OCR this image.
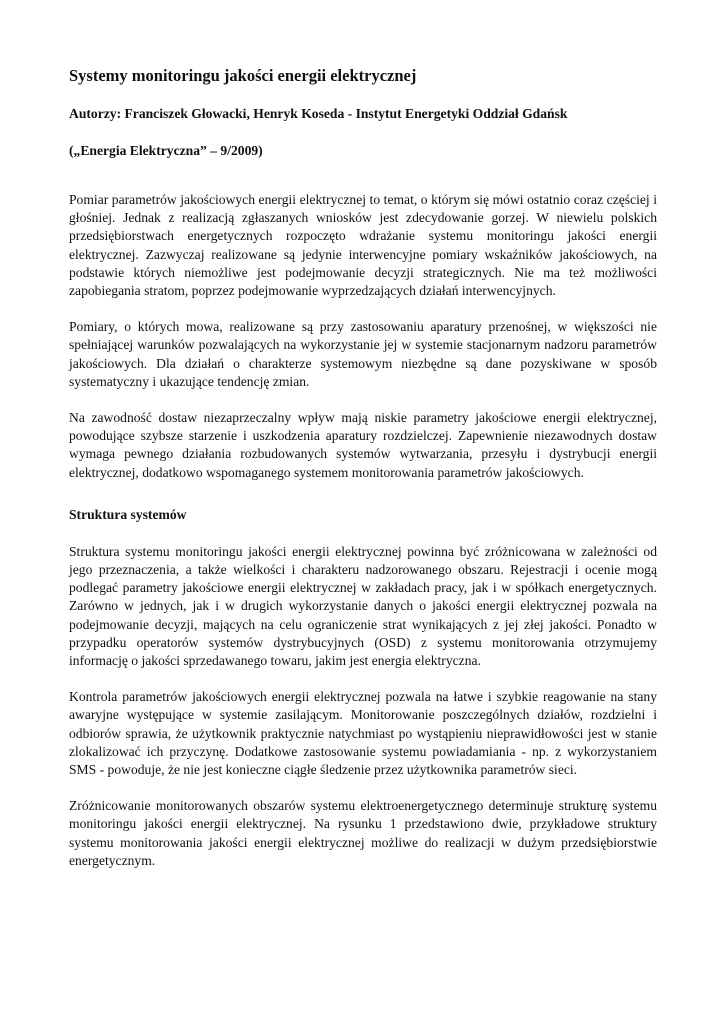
Systemy monitoringu jakości energii elektrycznej
Autorzy: Franciszek Głowacki, Henryk Koseda - Instytut Energetyki Oddział Gdańsk
(„Energia Elektryczna” – 9/2009)

Pomiar parametrów jakościowych energii elektrycznej to temat, o którym się mówi ostatnio coraz częściej i głośniej. Jednak z realizacją zgłaszanych wniosków jest zdecydowanie gorzej. W niewielu polskich przedsiębiorstwach energetycznych rozpoczęto wdrażanie systemu monitoringu jakości energii elektrycznej. Zazwyczaj realizowane są jedynie interwencyjne pomiary wskaźników jakościowych, na podstawie których niemożliwe jest podejmowanie decyzji strategicznych. Nie ma też możliwości zapobiegania stratom, poprzez podejmowanie wyprzedzających działań interwencyjnych.

Pomiary, o których mowa, realizowane są przy zastosowaniu aparatury przenośnej, w większości nie spełniającej warunków pozwalających na wykorzystanie jej w systemie stacjonarnym nadzoru parametrów jakościowych. Dla działań o charakterze systemowym niezbędne są dane pozyskiwane w sposób systematyczny i ukazujące tendencję zmian.

Na zawodność dostaw niezaprzeczalny wpływ mają niskie parametry jakościowe energii elektrycznej, powodujące szybsze starzenie i uszkodzenia aparatury rozdzielczej. Zapewnienie niezawodnych dostaw wymaga pewnego działania rozbudowanych systemów wytwarzania, przesyłu i dystrybucji energii elektrycznej, dodatkowo wspomaganego systemem monitorowania parametrów jakościowych.

Struktura systemów

Struktura systemu monitoringu jakości energii elektrycznej powinna być zróżnicowana w zależności od jego przeznaczenia, a także wielkości i charakteru nadzorowanego obszaru. Rejestracji i ocenie mogą podlegać parametry jakościowe energii elektrycznej w zakładach pracy, jak i w spółkach energetycznych. Zarówno w jednych, jak i w drugich wykorzystanie danych o jakości energii elektrycznej pozwala na podejmowanie decyzji, mających na celu ograniczenie strat wynikających z jej złej jakości. Ponadto w przypadku operatorów systemów dystrybucyjnych (OSD) z systemu monitorowania otrzymujemy informację o jakości sprzedawanego towaru, jakim jest energia elektryczna.

Kontrola parametrów jakościowych energii elektrycznej pozwala na łatwe i szybkie reagowanie na stany awaryjne występujące w systemie zasilającym. Monitorowanie poszczególnych działów, rozdzielni i odbiorów sprawia, że użytkownik praktycznie natychmiast po wystąpieniu nieprawidłowości jest w stanie zlokalizować ich przyczynę. Dodatkowe zastosowanie systemu powiadamiania - np. z wykorzystaniem SMS - powoduje, że nie jest konieczne ciągłe śledzenie przez użytkownika parametrów sieci.

Zróżnicowanie monitorowanych obszarów systemu elektroenergetycznego determinuje strukturę systemu monitoringu jakości energii elektrycznej. Na rysunku 1 przedstawiono dwie, przykładowe struktury systemu monitorowania jakości energii elektrycznej możliwe do realizacji w dużym przedsiębiorstwie energetycznym.
